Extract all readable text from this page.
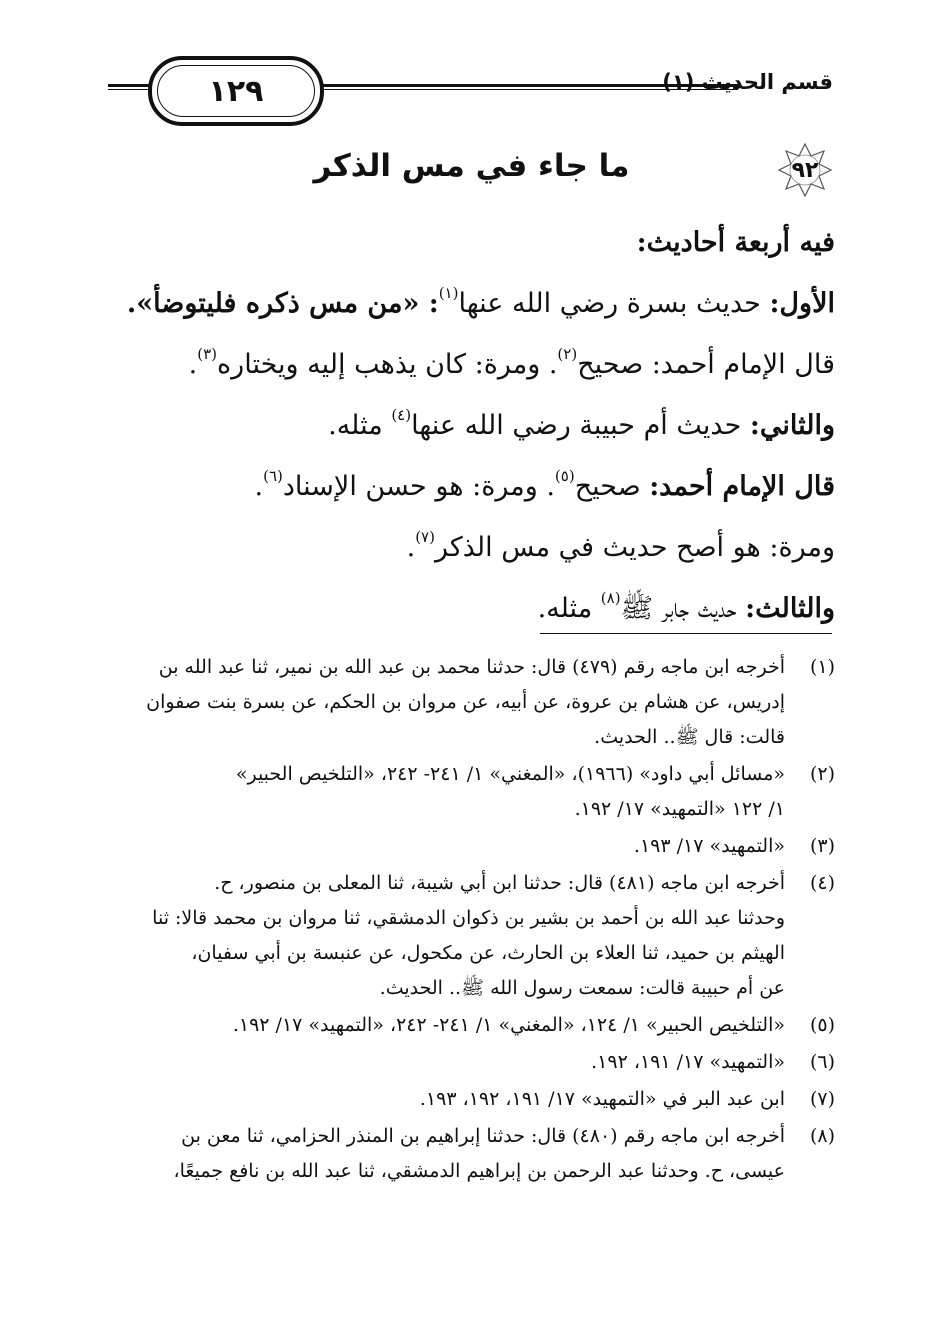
قسم الحديث (١)
١٢٩
٩٢
ما جاء في مس الذكر

فيه أربعة أحاديث:

الأول: حديث بسرة رضي الله عنها$^{(١)}$: «من مس ذكره فليتوضأ».

قال الإمام أحمد: صحيح$^{(٢)}$. ومرة: كان يذهب إليه ويختاره$^{(٣)}$.

والثاني: حديث أم حبيبة رضي الله عنها$^{(٤)}$ مثله.

قال الإمام أحمد: صحيح$^{(٥)}$. ومرة: هو حسن الإسناد$^{(٦)}$.

ومرة: هو أصح حديث في مس الذكر$^{(٧)}$.

والثالث: حديث جابر ﷺ$^{(٨)}$ مثله.

(١)
أخرجه ابن ماجه رقم (٤٧٩) قال: حدثنا محمد بن عبد الله بن نمير، ثنا عبد الله بن
إدريس، عن هشام بن عروة، عن أبيه، عن مروان بن الحكم، عن بسرة بنت صفوان
قالت: قال ﷺ.. الحديث.
(٢)
«مسائل أبي داود» (١٩٦٦)، «المغني» ١/ ٢٤١- ٢٤٢، «التلخيص الحبير»
١/ ١٢٢ «التمهيد» ١٧/ ١٩٢.
(٣)
«التمهيد» ١٧/ ١٩٣.
(٤)
أخرجه ابن ماجه (٤٨١) قال: حدثنا ابن أبي شيبة، ثنا المعلى بن منصور، ح.
وحدثنا عبد الله بن أحمد بن بشير بن ذكوان الدمشقي، ثنا مروان بن محمد قالا: ثنا
الهيثم بن حميد، ثنا العلاء بن الحارث، عن مكحول، عن عنبسة بن أبي سفيان،
عن أم حبيبة قالت: سمعت رسول الله ﷺ.. الحديث.
(٥)
«التلخيص الحبير» ١/ ١٢٤، «المغني» ١/ ٢٤١- ٢٤٢، «التمهيد» ١٧/ ١٩٢.
(٦)
«التمهيد» ١٧/ ١٩١، ١٩٢.
(٧)
ابن عبد البر في «التمهيد» ١٧/ ١٩١، ١٩٢، ١٩٣.
(٨)
أخرجه ابن ماجه رقم (٤٨٠) قال: حدثنا إبراهيم بن المنذر الحزامي، ثنا معن بن
عيسى، ح. وحدثنا عبد الرحمن بن إبراهيم الدمشقي، ثنا عبد الله بن نافع جميعًا،
